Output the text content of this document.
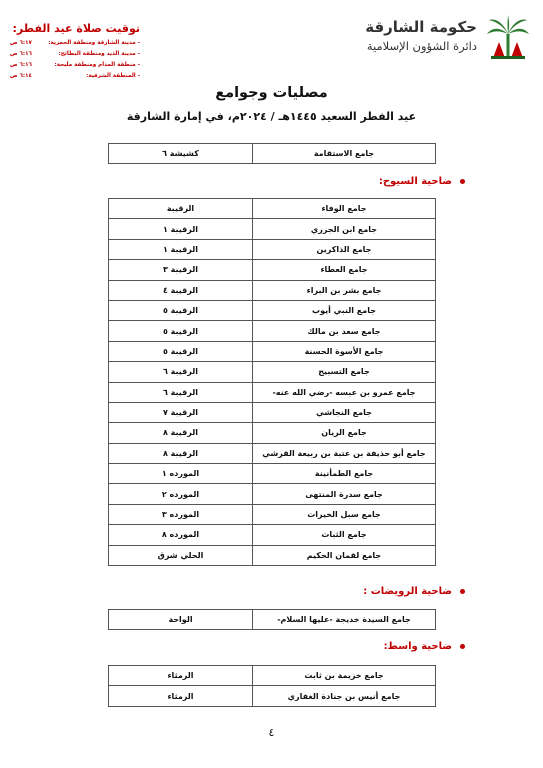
حكومة الشارقة
دائرة الشؤون الإسلامية
توقيت صلاة عيد الفطر:
- مدينة الشارقة ومنطقة الحمرية:
٦:١٧ ص
- مدينة الذيد ومنطقة البطائح:
٦:١٦ ص
- منطقة المدام ومنطقة مليحة:
٦:١٦ ص
- المنطقة الشرقية:
٦:١٤ ص
مصليات وجوامع
عيد الفطر السعيد ١٤٤٥هـ / ٢٠٢٤م، في إمارة الشارقة
جامع الاستقامة	كشيشة ٦
ضاحية السيوح:
جامع الوفاء	الرقيبة
جامع ابن الجزري	الرقيبة ١
جامع الذاكرين	الرقيبة ١
جامع العطاء	الرقيبة ٣
جامع بشر بن البراء	الرقيبة ٤
جامع النبي أيوب	الرقيبة ٥
جامع سعد بن مالك	الرقيبة ٥
جامع الأسوة الحسنة	الرقيبة ٥
جامع التسبيح	الرقيبة ٦
جامع عمرو بن عبسه -رضي الله عنه-	الرقيبة ٦
جامع النجاشي	الرقيبة ٧
جامع الريان	الرقيبة ٨
جامع أبو حذيفة بن عتبة بن ربيعة القرشي	الرقيبة ٨
جامع الطمأنينة	المورده ١
جامع سدرة المنتهى	المورده ٢
جامع سبل الخيرات	المورده ٣
جامع الثبات	المورده ٨
جامع لقمان الحكيم	الحلي شرق
ضاحية الرويضات :
جامع السيدة خديجة -عليها السلام-	الواحة
ضاحية واسط:
جامع خزيمة بن ثابت	الرمثاء
جامع أنيس بن جنادة الغفاري	الرمثاء
٤
